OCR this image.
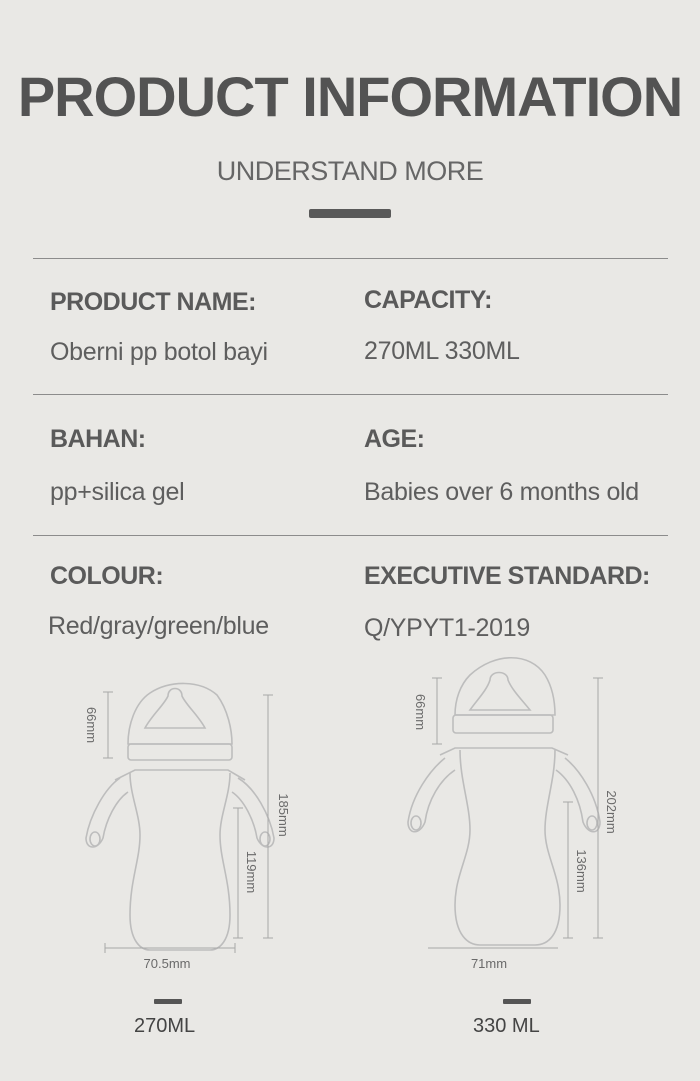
PRODUCT INFORMATION
UNDERSTAND MORE
PRODUCT NAME:
Oberni pp botol bayi
CAPACITY:
270ML 330ML
BAHAN:
pp+silica gel
AGE:
Babies over 6 months old
COLOUR:
Red/gray/green/blue
EXECUTIVE STANDARD:
Q/YPYT1-2019
66mm
185mm
119mm
70.5mm
66mm
202mm
136mm
71mm
270ML	330 ML
